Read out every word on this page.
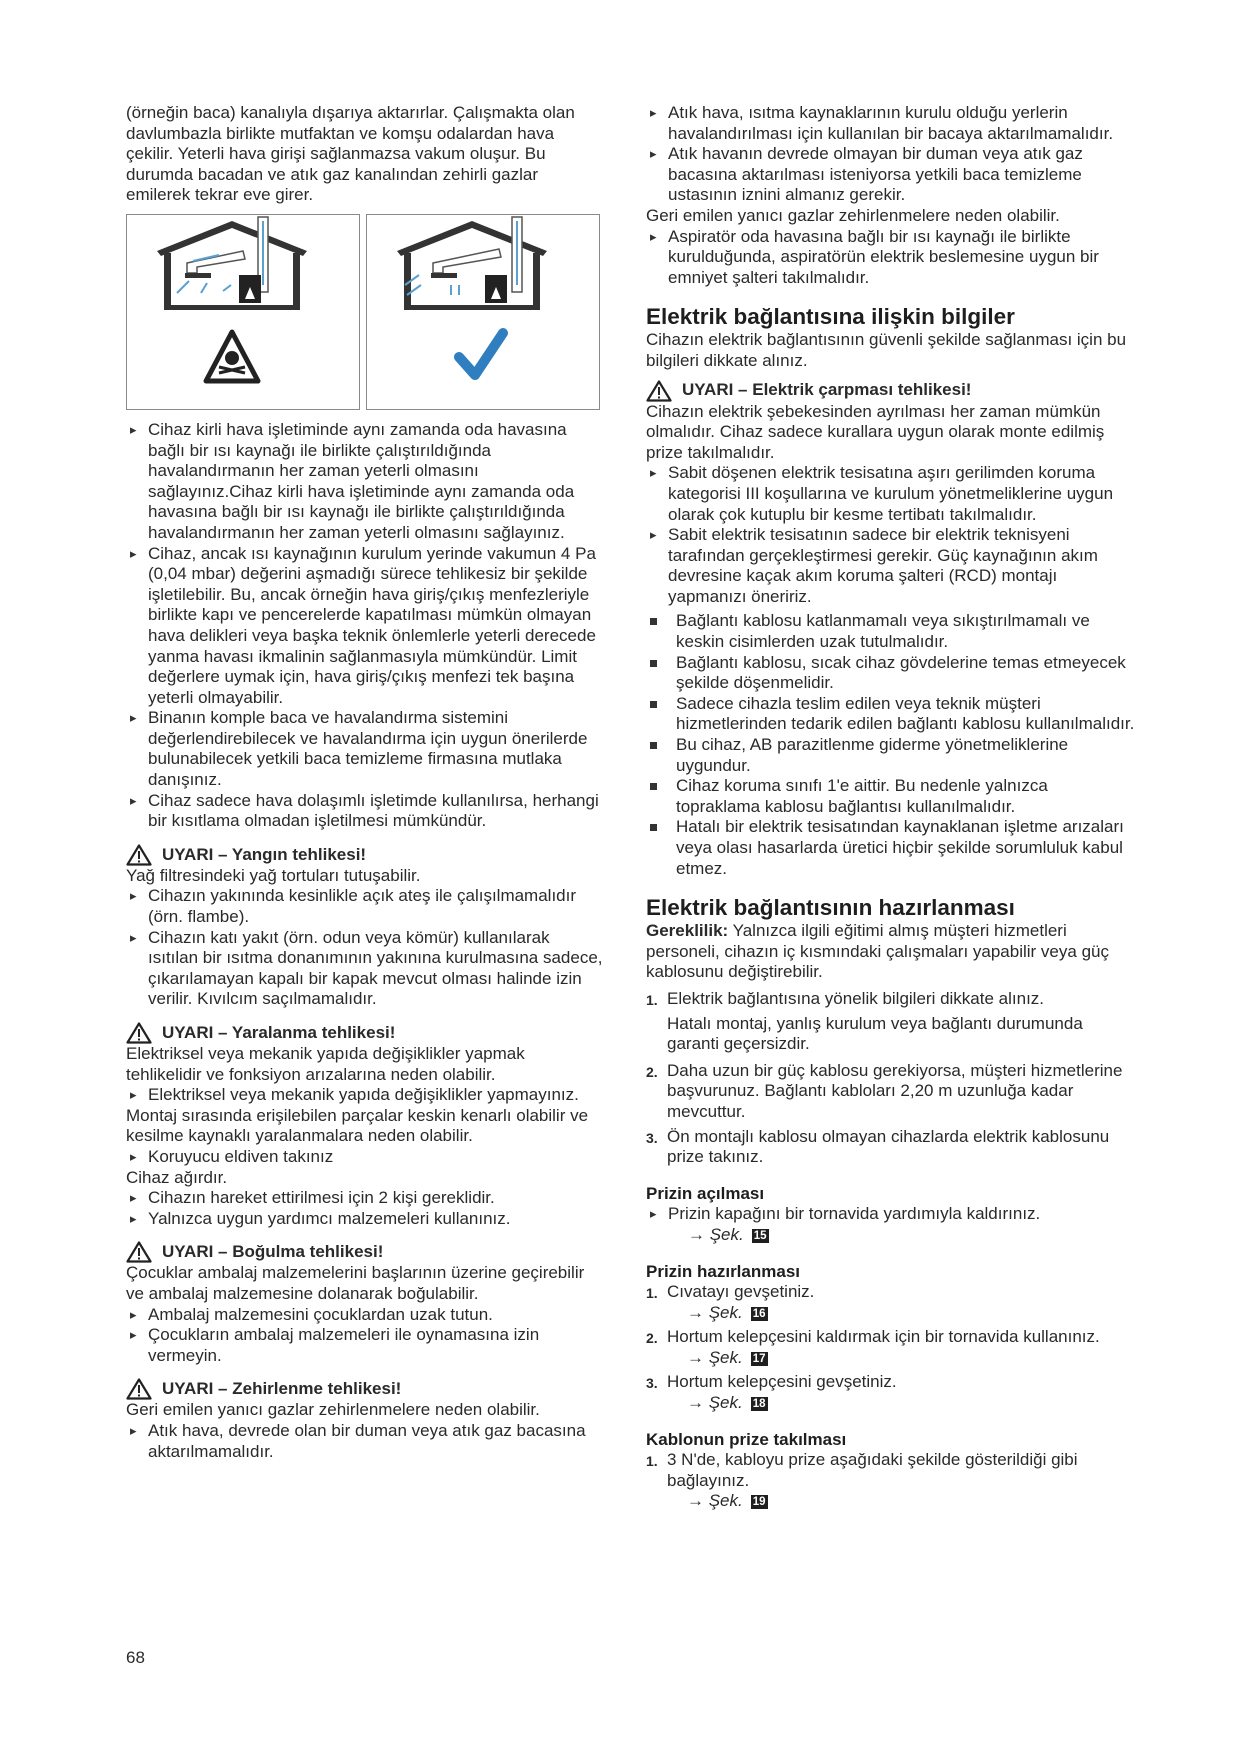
(örneğin baca) kanalıyla dışarıya aktarırlar. Çalışmakta olan davlumbazla birlikte mutfaktan ve komşu odalardan hava çekilir. Yeterli hava girişi sağlanmazsa vakum oluşur. Bu durumda bacadan ve atık gaz kanalından zehirli gazlar emilerek tekrar eve girer.

▸ Cihaz kirli hava işletiminde aynı zamanda oda havasına bağlı bir ısı kaynağı ile birlikte çalıştırıldığında havalandırmanın her zaman yeterli olmasını sağlayınız.Cihaz kirli hava işletiminde aynı zamanda oda havasına bağlı bir ısı kaynağı ile birlikte çalıştırıldığında havalandırmanın her zaman yeterli olmasını sağlayınız.

▸ Cihaz, ancak ısı kaynağının kurulum yerinde vakumun 4 Pa (0,04 mbar) değerini aşmadığı sürece tehlikesiz bir şekilde işletilebilir. Bu, ancak örneğin hava giriş/çıkış menfezleriyle birlikte kapı ve pencerelerde kapatılması mümkün olmayan hava delikleri veya başka teknik önlemlerle yeterli derecede yanma havası ikmalinin sağlanmasıyla mümkündür. Limit değerlere uymak için, hava giriş/çıkış menfezi tek başına yeterli olmayabilir.

▸ Binanın komple baca ve havalandırma sistemini değerlendirebilecek ve havalandırma için uygun önerilerde bulunabilecek yetkili baca temizleme firmasına mutlaka danışınız.

▸ Cihaz sadece hava dolaşımlı işletimde kullanılırsa, herhangi bir kısıtlama olmadan işletilmesi mümkündür.

UYARI – Yangın tehlikesi!

Yağ filtresindeki yağ tortuları tutuşabilir.

▸ Cihazın yakınında kesinlikle açık ateş ile çalışılmamalıdır (örn. flambe).

▸ Cihazın katı yakıt (örn. odun veya kömür) kullanılarak ısıtılan bir ısıtma donanımının yakınına kurulmasına sadece, çıkarılamayan kapalı bir kapak mevcut olması halinde izin verilir. Kıvılcım saçılmamalıdır.

UYARI – Yaralanma tehlikesi!

Elektriksel veya mekanik yapıda değişiklikler yapmak tehlikelidir ve fonksiyon arızalarına neden olabilir.

▸ Elektriksel veya mekanik yapıda değişiklikler yapmayınız.

Montaj sırasında erişilebilen parçalar keskin kenarlı olabilir ve kesilme kaynaklı yaralanmalara neden olabilir.

▸ Koruyucu eldiven takınız

Cihaz ağırdır.

▸ Cihazın hareket ettirilmesi için 2 kişi gereklidir.

▸ Yalnızca uygun yardımcı malzemeleri kullanınız.

UYARI – Boğulma tehlikesi!

Çocuklar ambalaj malzemelerini başlarının üzerine geçirebilir ve ambalaj malzemesine dolanarak boğulabilir.

▸ Ambalaj malzemesini çocuklardan uzak tutun.

▸ Çocukların ambalaj malzemeleri ile oynamasına izin vermeyin.

UYARI – Zehirlenme tehlikesi!

Geri emilen yanıcı gazlar zehirlenmelere neden olabilir.

▸ Atık hava, devrede olan bir duman veya atık gaz bacasına aktarılmamalıdır.

▸ Atık hava, ısıtma kaynaklarının kurulu olduğu yerlerin havalandırılması için kullanılan bir bacaya aktarılmamalıdır.

▸ Atık havanın devrede olmayan bir duman veya atık gaz bacasına aktarılması isteniyorsa yetkili baca temizleme ustasının iznini almanız gerekir.

Geri emilen yanıcı gazlar zehirlenmelere neden olabilir.

▸ Aspiratör oda havasına bağlı bir ısı kaynağı ile birlikte kurulduğunda, aspiratörün elektrik beslemesine uygun bir emniyet şalteri takılmalıdır.

Elektrik bağlantısına ilişkin bilgiler

Cihazın elektrik bağlantısının güvenli şekilde sağlanması için bu bilgileri dikkate alınız.

UYARI – Elektrik çarpması tehlikesi!

Cihazın elektrik şebekesinden ayrılması her zaman mümkün olmalıdır. Cihaz sadece kurallara uygun olarak monte edilmiş prize takılmalıdır.

▸ Sabit döşenen elektrik tesisatına aşırı gerilimden koruma kategorisi III koşullarına ve kurulum yönetmeliklerine uygun olarak çok kutuplu bir kesme tertibatı takılmalıdır.

▸ Sabit elektrik tesisatının sadece bir elektrik teknisyeni tarafından gerçekleştirmesi gerekir. Güç kaynağının akım devresine kaçak akım koruma şalteri (RCD) montajı yapmanızı öneririz.

Bağlantı kablosu katlanmamalı veya sıkıştırılmamalı ve keskin cisimlerden uzak tutulmalıdır.

Bağlantı kablosu, sıcak cihaz gövdelerine temas etmeyecek şekilde döşenmelidir.

Sadece cihazla teslim edilen veya teknik müşteri hizmetlerinden tedarik edilen bağlantı kablosu kullanılmalıdır.

Bu cihaz, AB parazitlenme giderme yönetmeliklerine uygundur.

Cihaz koruma sınıfı 1'e aittir. Bu nedenle yalnızca topraklama kablosu bağlantısı kullanılmalıdır.

Hatalı bir elektrik tesisatından kaynaklanan işletme arızaları veya olası hasarlarda üretici hiçbir şekilde sorumluluk kabul etmez.

Elektrik bağlantısının hazırlanması

Gereklilik: Yalnızca ilgili eğitimi almış müşteri hizmetleri personeli, cihazın iç kısmındaki çalışmaları yapabilir veya güç kablosunu değiştirebilir.

1. Elektrik bağlantısına yönelik bilgileri dikkate alınız.

Hatalı montaj, yanlış kurulum veya bağlantı durumunda garanti geçersizdir.

2. Daha uzun bir güç kablosu gerekiyorsa, müşteri hizmetlerine başvurunuz. Bağlantı kabloları 2,20 m uzunluğa kadar mevcuttur.

3. Ön montajlı kablosu olmayan cihazlarda elektrik kablosunu prize takınız.

Prizin açılması

▸ Prizin kapağını bir tornavida yardımıyla kaldırınız.
→ Şek. 15

Prizin hazırlanması

1. Cıvatayı gevşetiniz.
→ Şek. 16

2. Hortum kelepçesini kaldırmak için bir tornavida kullanınız.
→ Şek. 17

3. Hortum kelepçesini gevşetiniz.
→ Şek. 18

Kablonun prize takılması

1. 3 N'de, kabloyu prize aşağıdaki şekilde gösterildiği gibi bağlayınız.
→ Şek. 19

68
